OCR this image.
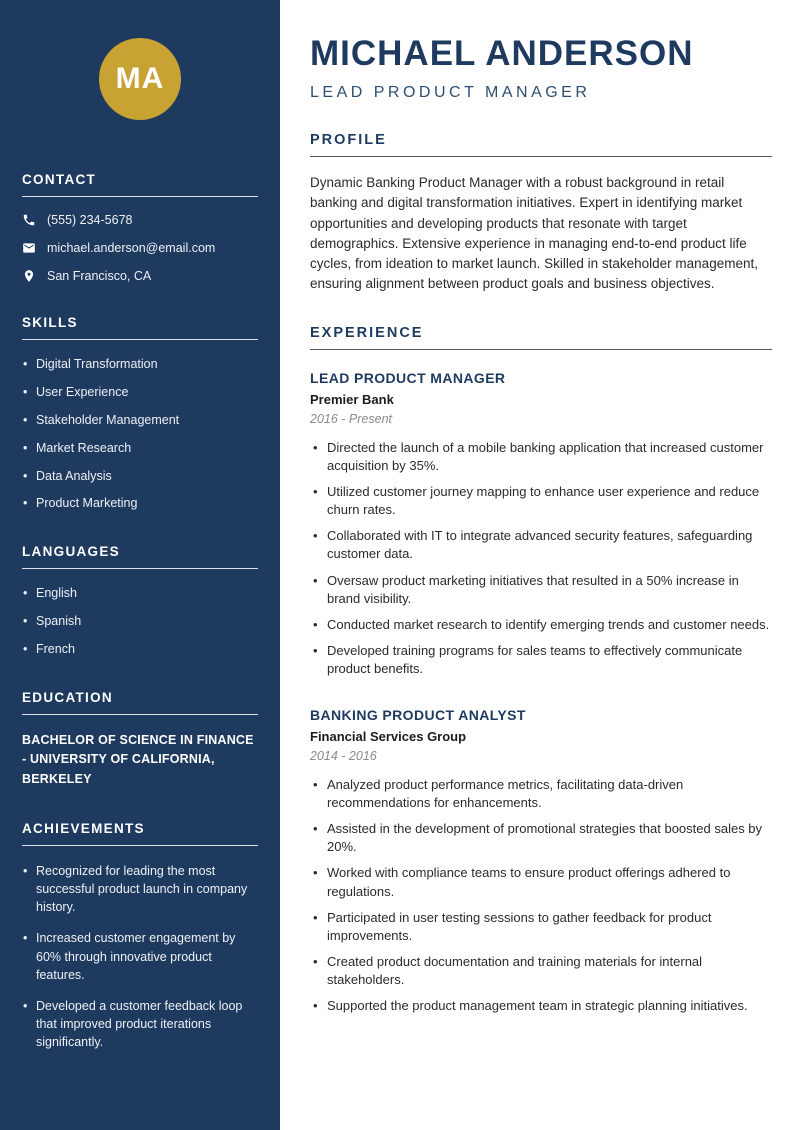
MA
CONTACT
(555) 234-5678
michael.anderson@email.com
San Francisco, CA
SKILLS
• Digital Transformation
• User Experience
• Stakeholder Management
• Market Research
• Data Analysis
• Product Marketing
LANGUAGES
• English
• Spanish
• French
EDUCATION
BACHELOR OF SCIENCE IN FINANCE - UNIVERSITY OF CALIFORNIA, BERKELEY
ACHIEVEMENTS
• Recognized for leading the most successful product launch in company history.
• Increased customer engagement by 60% through innovative product features.
• Developed a customer feedback loop that improved product iterations significantly.
MICHAEL ANDERSON
LEAD PRODUCT MANAGER
PROFILE

Dynamic Banking Product Manager with a robust background in retail banking and digital transformation initiatives. Expert in identifying market opportunities and developing products that resonate with target demographics. Extensive experience in managing end-to-end product life cycles, from ideation to market launch. Skilled in stakeholder management, ensuring alignment between product goals and business objectives.

EXPERIENCE
LEAD PRODUCT MANAGER
Premier Bank
2016 - Present
• Directed the launch of a mobile banking application that increased customer acquisition by 35%.
• Utilized customer journey mapping to enhance user experience and reduce churn rates.
• Collaborated with IT to integrate advanced security features, safeguarding customer data.
• Oversaw product marketing initiatives that resulted in a 50% increase in brand visibility.
• Conducted market research to identify emerging trends and customer needs.
• Developed training programs for sales teams to effectively communicate product benefits.
BANKING PRODUCT ANALYST
Financial Services Group
2014 - 2016
• Analyzed product performance metrics, facilitating data-driven recommendations for enhancements.
• Assisted in the development of promotional strategies that boosted sales by 20%.
• Worked with compliance teams to ensure product offerings adhered to regulations.
• Participated in user testing sessions to gather feedback for product improvements.
• Created product documentation and training materials for internal stakeholders.
• Supported the product management team in strategic planning initiatives.
